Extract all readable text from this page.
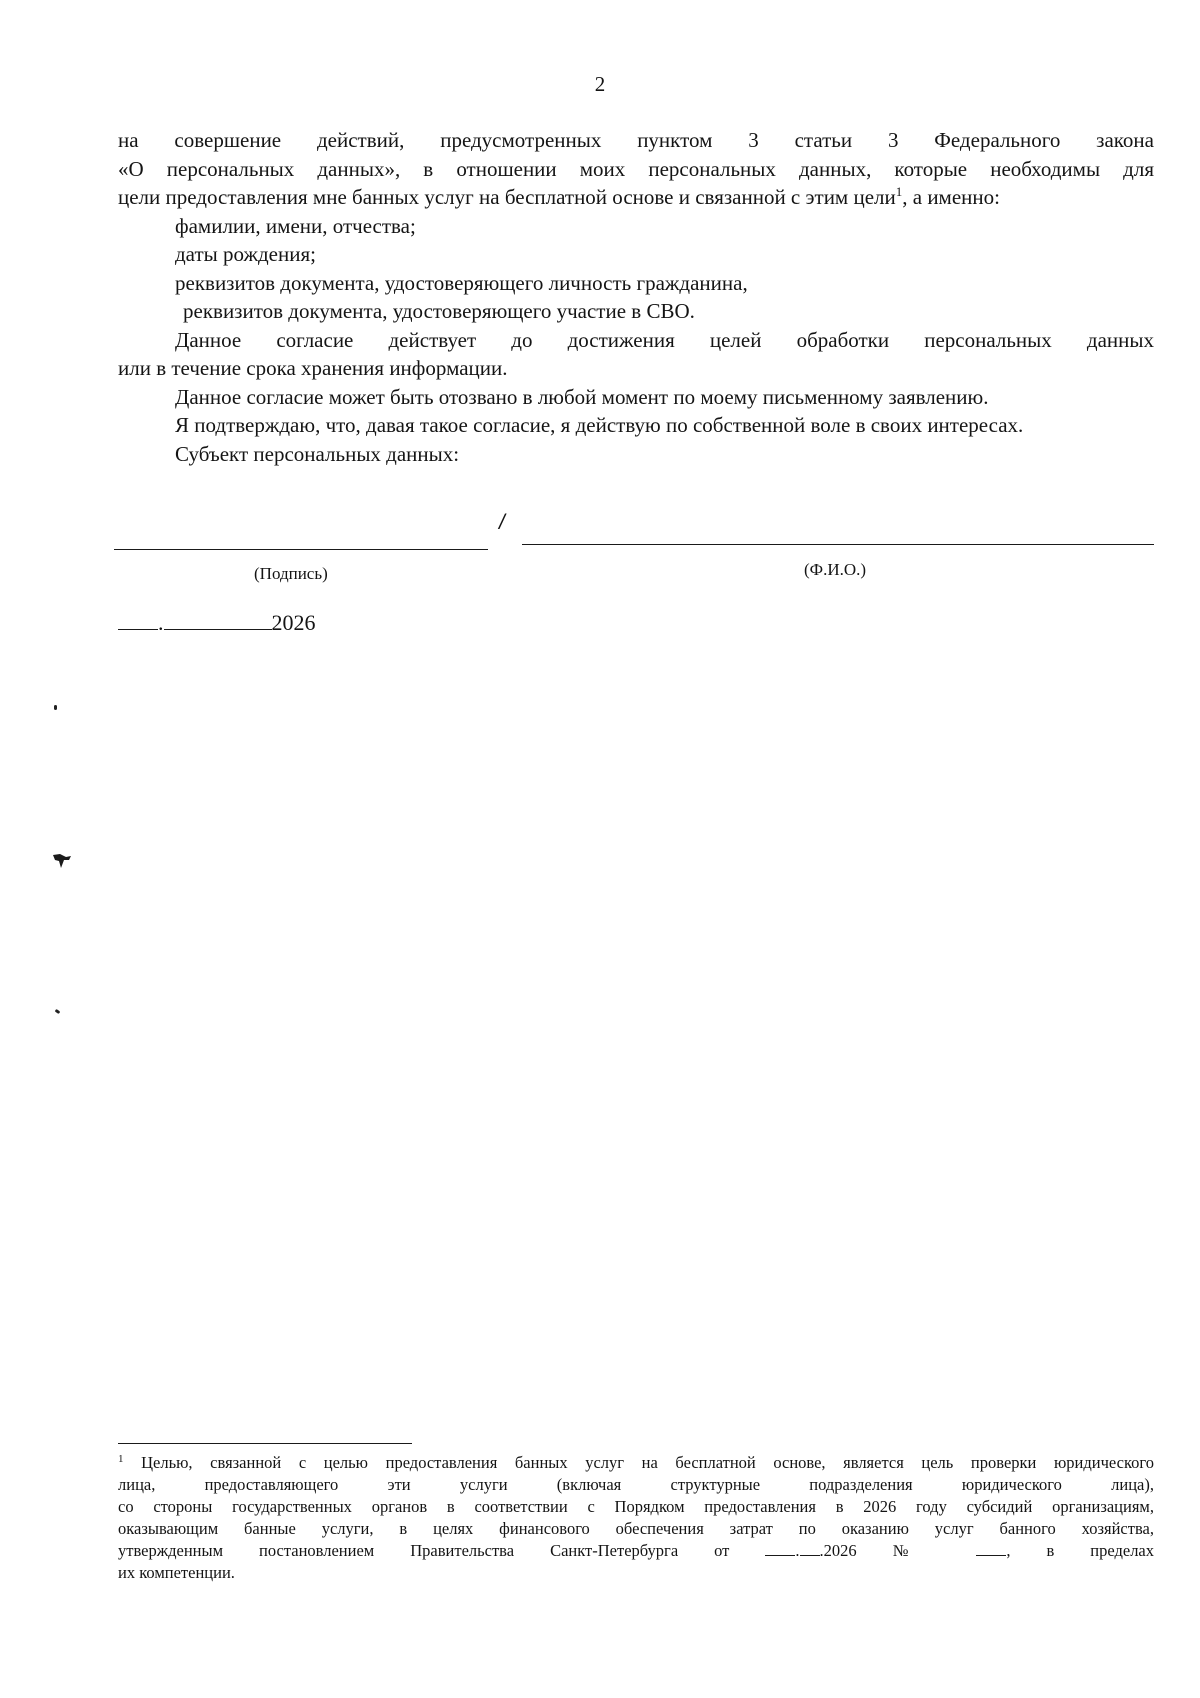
2

на совершение действий, предусмотренных пунктом 3 статьи 3 Федерального закона

«О персональных данных», в отношении моих персональных данных, которые необходимы для

цели предоставления мне банных услуг на бесплатной основе и связанной с этим цели$^1$, а именно:

фамилии, имени, отчества;

даты рождения;

реквизитов документа, удостоверяющего личность гражданина,

реквизитов документа, удостоверяющего участие в СВО.

Данное согласие действует до достижения целей обработки персональных данных

или в течение срока хранения информации.

Данное согласие может быть отозвано в любой момент по моему письменному заявлению.

Я подтверждаю, что, давая такое согласие, я действую по собственной воле в своих интересах.

Субъект персональных данных:

/
(Подпись)	(Ф.И.О.)
.	2026

$^1$ Целью, связанной с целью предоставления банных услуг на бесплатной основе, является цель проверки юридического

лица, предоставляющего эти услуги (включая структурные подразделения юридического лица),

со стороны государственных органов в соответствии с Порядком предоставления в 2026 году субсидий организациям,

оказывающим банные услуги, в целях финансового обеспечения затрат по оказанию услуг банного хозяйства,

утвержденным постановлением Правительства Санкт-Петербурга от	. .2026 №	, в пределах

их компетенции.
